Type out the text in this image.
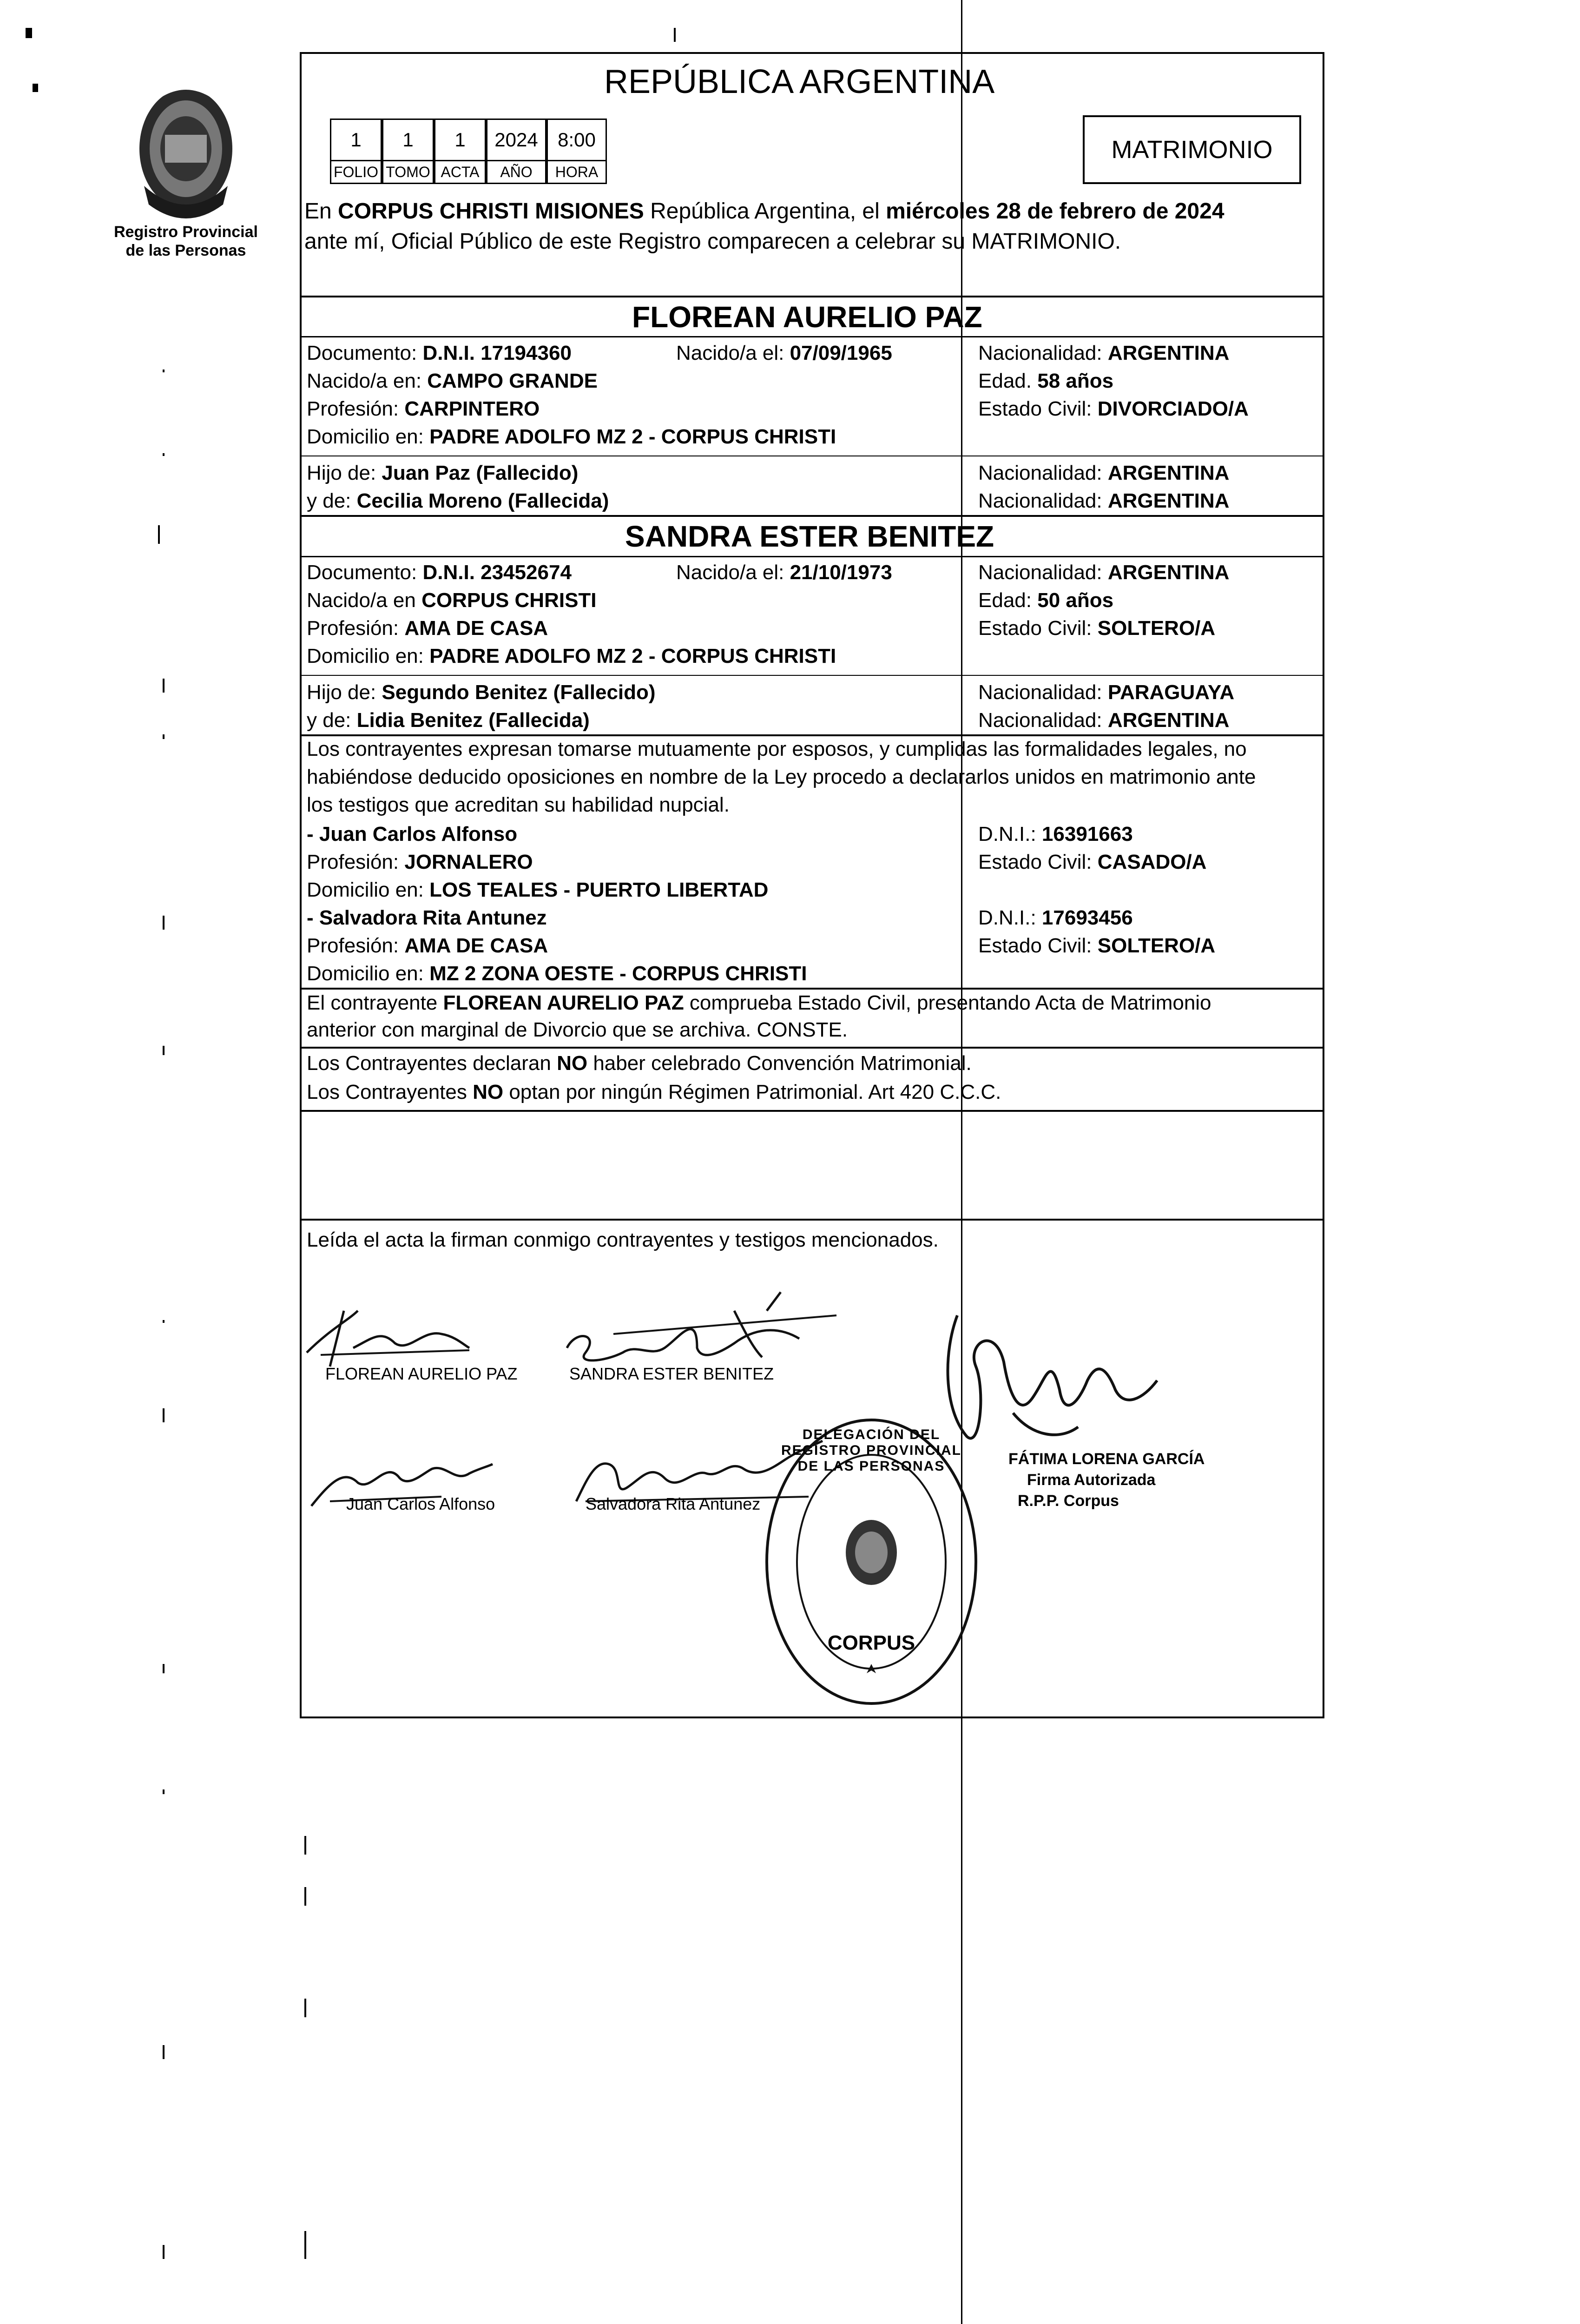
Registro Provincial
de las Personas
REPÚBLICA ARGENTINA
1	1	1	2024	8:00
FOLIO TOMO ACTA	AÑO	HORA
MATRIMONIO
En CORPUS CHRISTI MISIONES República Argentina, el miércoles 28 de febrero de 2024
ante mí, Oficial Público de este Registro comparecen a celebrar su MATRIMONIO.
FLOREAN AURELIO PAZ
Documento: D.N.I. 17194360	Nacido/a el: 07/09/1965	Nacionalidad: ARGENTINA
Nacido/a en: CAMPO GRANDE	Edad. 58 años
Profesión: CARPINTERO	Estado Civil: DIVORCIADO/A
Domicilio en: PADRE ADOLFO MZ 2 - CORPUS CHRISTI
Hijo de: Juan Paz (Fallecido)	Nacionalidad: ARGENTINA
y de: Cecilia Moreno (Fallecida)	Nacionalidad: ARGENTINA
SANDRA ESTER BENITEZ
Documento: D.N.I. 23452674	Nacido/a el: 21/10/1973	Nacionalidad: ARGENTINA
Nacido/a en CORPUS CHRISTI	Edad: 50 años
Profesión: AMA DE CASA	Estado Civil: SOLTERO/A
Domicilio en: PADRE ADOLFO MZ 2 - CORPUS CHRISTI
Hijo de: Segundo Benitez (Fallecido)	Nacionalidad: PARAGUAYA
y de: Lidia Benitez (Fallecida)	Nacionalidad: ARGENTINA
Los contrayentes expresan tomarse mutuamente por esposos, y cumplidas las formalidades legales, no
habiéndose deducido oposiciones en nombre de la Ley procedo a declararlos unidos en matrimonio ante
los testigos que acreditan su habilidad nupcial.
- Juan Carlos Alfonso	D.N.I.: 16391663
Profesión: JORNALERO	Estado Civil: CASADO/A
Domicilio en: LOS TEALES - PUERTO LIBERTAD
- Salvadora Rita Antunez	D.N.I.: 17693456
Profesión: AMA DE CASA	Estado Civil: SOLTERO/A
Domicilio en: MZ 2 ZONA OESTE - CORPUS CHRISTI
El contrayente FLOREAN AURELIO PAZ comprueba Estado Civil, presentando Acta de Matrimonio
anterior con marginal de Divorcio que se archiva. CONSTE.
Los Contrayentes declaran NO haber celebrado Convención Matrimonial.
Los Contrayentes NO optan por ningún Régimen Patrimonial. Art 420 C.C.C.
Leída el acta la firman conmigo contrayentes y testigos mencionados.
FLOREAN AURELIO PAZ	SANDRA ESTER BENITEZ
Juan Carlos Alfonso	Salvadora Rita Antunez
DELEGACIÓN DEL REGISTRO PROVINCIAL DE LAS PERSONAS
CORPUS
FÁTIMA LORENA GARCÍA
Firma Autorizada
R.P.P. Corpus
